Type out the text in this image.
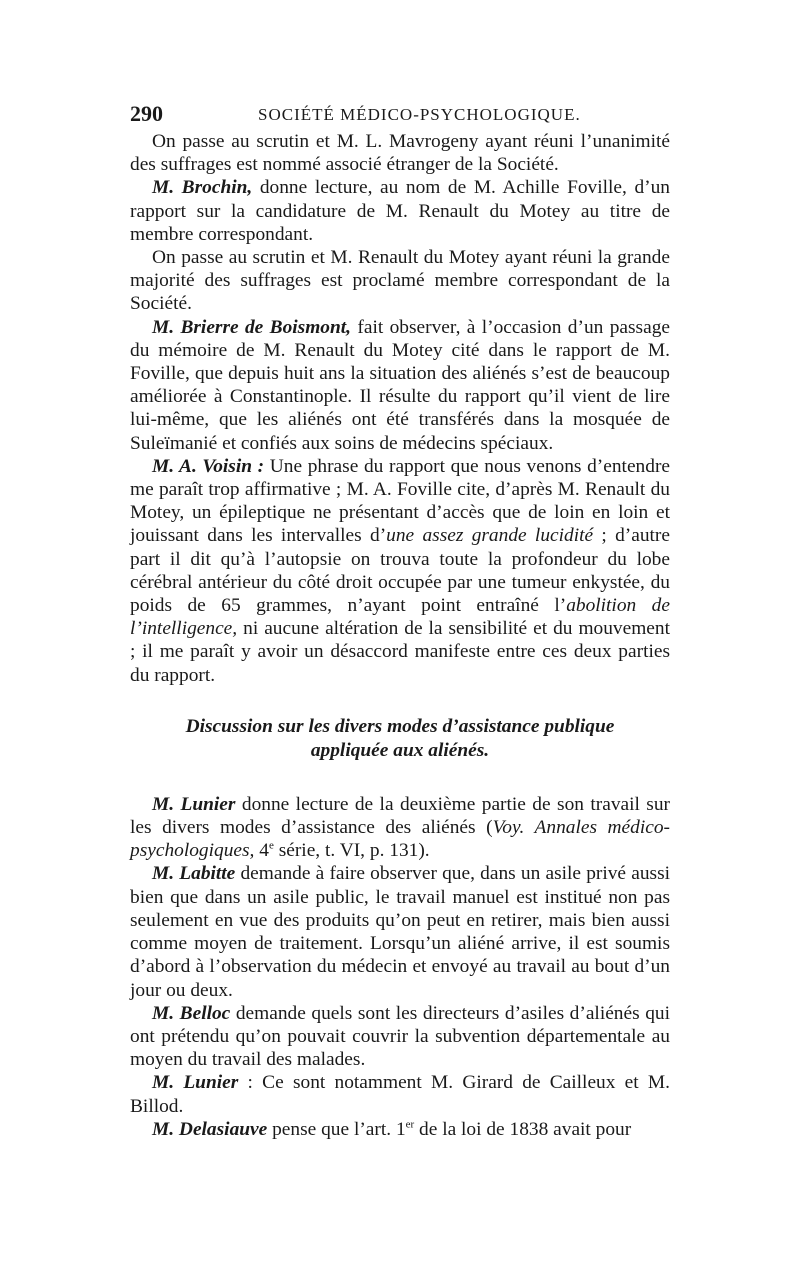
290	SOCIÉTÉ MÉDICO-PSYCHOLOGIQUE.

On passe au scrutin et M. L. Mavrogeny ayant réuni l’unanimité des suffrages est nommé associé étranger de la Société.

M. Brochin, donne lecture, au nom de M. Achille Foville, d’un rapport sur la candidature de M. Renault du Motey au titre de membre correspondant.

On passe au scrutin et M. Renault du Motey ayant réuni la grande majorité des suffrages est proclamé membre correspondant de la Société.

M. Brierre de Boismont, fait observer, à l’occasion d’un passage du mémoire de M. Renault du Motey cité dans le rapport de M. Foville, que depuis huit ans la situation des aliénés s’est de beaucoup améliorée à Constantinople. Il résulte du rapport qu’il vient de lire lui-même, que les aliénés ont été transférés dans la mosquée de Suleïmanié et confiés aux soins de médecins spéciaux.

M. A. Voisin : Une phrase du rapport que nous venons d’entendre me paraît trop affirmative ; M. A. Foville cite, d’après M. Renault du Motey, un épileptique ne présentant d’accès que de loin en loin et jouissant dans les intervalles d’une assez grande lucidité ; d’autre part il dit qu’à l’autopsie on trouva toute la profondeur du lobe cérébral antérieur du côté droit occupée par une tumeur enkystée, du poids de 65 grammes, n’ayant point entraîné l’abolition de l’intelligence, ni aucune altération de la sensibilité et du mouvement ; il me paraît y avoir un désaccord manifeste entre ces deux parties du rapport.

Discussion sur les divers modes d’assistance publique
appliquée aux aliénés.

M. Lunier donne lecture de la deuxième partie de son travail sur les divers modes d’assistance des aliénés (Voy. Annales médico-psychologiques, 4e série, t. VI, p. 131).

M. Labitte demande à faire observer que, dans un asile privé aussi bien que dans un asile public, le travail manuel est institué non pas seulement en vue des produits qu’on peut en retirer, mais bien aussi comme moyen de traitement. Lorsqu’un aliéné arrive, il est soumis d’abord à l’observation du médecin et envoyé au travail au bout d’un jour ou deux.

M. Belloc demande quels sont les directeurs d’asiles d’aliénés qui ont prétendu qu’on pouvait couvrir la subvention départementale au moyen du travail des malades.

M. Lunier : Ce sont notamment M. Girard de Cailleux et M. Billod.

M. Delasiauve pense que l’art. 1er de la loi de 1838 avait pour
